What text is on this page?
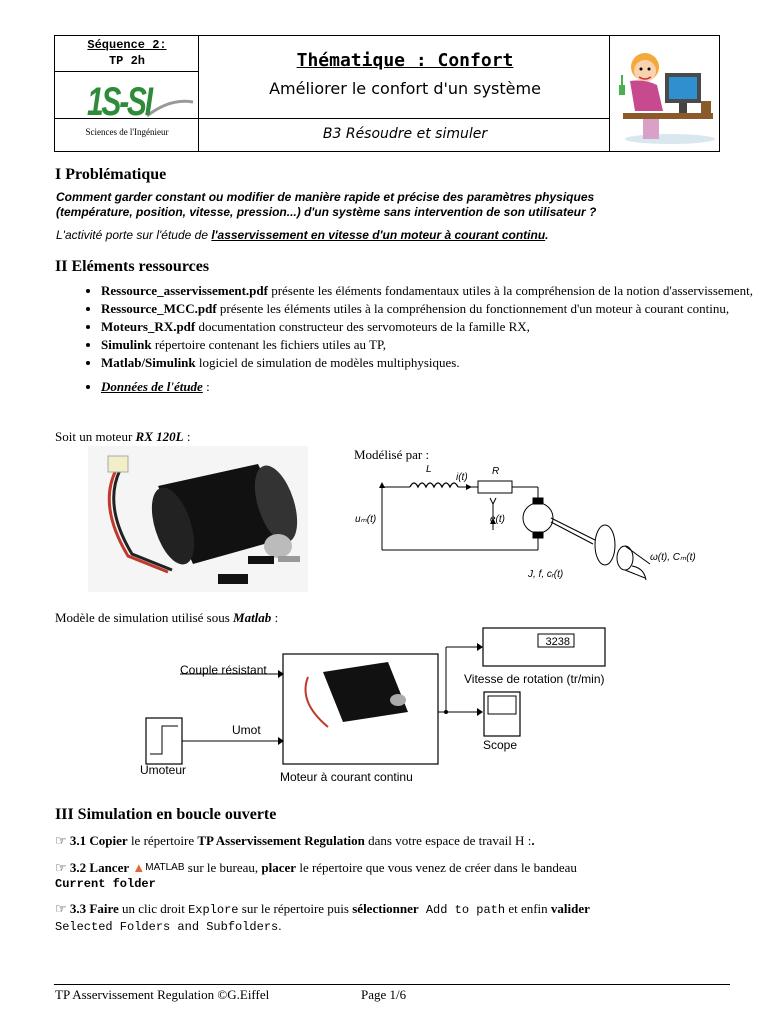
Séquence 2:
TP 2h
1S-SI
Sciences de l'Ingénieur
Thématique : Confort
Améliorer le confort d'un système
B3 Résoudre et simuler
I Problématique
Comment garder constant ou modifier de manière rapide et précise des paramètres physiques
(température, position, vitesse, pression...) d'un système sans intervention de son utilisateur ?
L'activité porte sur l'étude de l'asservissement en vitesse d'un moteur à courant continu.
II Eléments ressources
• Ressource_asservissement.pdf présente les éléments fondamentaux utiles à la compréhension de la notion d'asservissement,
• Ressource_MCC.pdf présente les éléments utiles à la compréhension du fonctionnement d'un moteur à courant continu,
• Moteurs_RX.pdf documentation constructeur des servomoteurs de la famille RX,
• Simulink répertoire contenant les fichiers utiles au TP,
• Matlab/Simulink logiciel de simulation de modèles multiphysiques.
• Données de l'étude :
Soit un moteur RX 120L :
Modélisé par :
L
i(t)
R
uₘ(t)	e(t)
ω(t), Cₘ(t)
J, f, cᵣ(t)
Modèle de simulation utilisé sous Matlab :
3238
Vitesse de rotation (tr/min)
Scope
Couple résistant
Umot
Umoteur	Moteur à courant continu
III Simulation en boucle ouverte
☞ 3.1 Copier le répertoire TP Asservissement Regulation dans votre espace de travail H :.
☞ 3.2 Lancer ▲$^{MATLAB}$ sur le bureau, placer le répertoire que vous venez de créer dans le bandeau
Current folder
☞ 3.3 Faire un clic droit Explore sur le répertoire puis sélectionner Add to path et enfin valider
Selected Folders and Subfolders.
TP Asservissement Regulation ©G.Eiffel	Page 1/6
